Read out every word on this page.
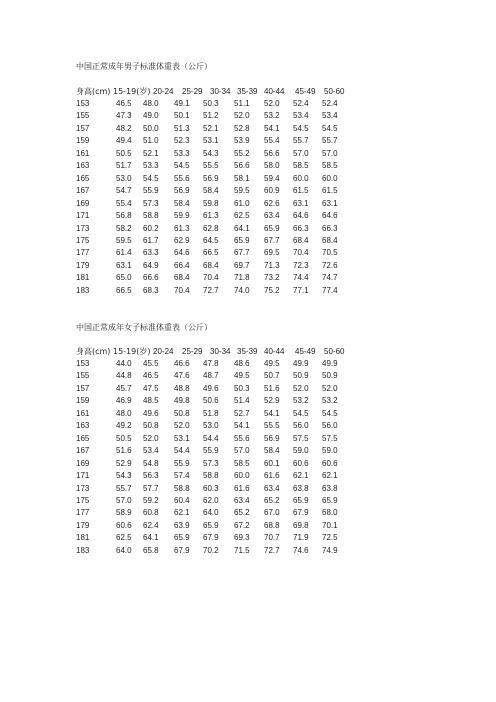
中国正常成年男子标准体重表（公斤）
身高(cm) 15-19(岁) 20-24 25-29 30-34 35-39 40-44 45-49 50-60
153	46.5 48.0 49.1 50.3 51.1 52.0 52.4 52.4
155	47.3 49.0 50.1 51.2 52.0 53.2 53.4 53.4
157	48.2 50.0 51.3 52.1 52.8 54.1 54.5 54.5
159	49.4 51.0 52.3 53.1 53.9 55.4 55.7 55.7
161	50.5 52.1 53.3 54.3 55.2 56.6 57.0 57.0
163	51.7 53.3 54.5 55.5 56.6 58.0 58.5 58.5
165	53.0 54.5 55.6 56.9 58.1 59.4 60.0 60.0
167	54.7 55.9 56.9 58.4 59.5 60.9 61.5 61.5
169	55.4 57.3 58.4 59.8 61.0 62.6 63.1 63.1
171	56.8 58.8 59.9 61.3 62.5 63.4 64.6 64.6
173	58.2 60.2 61.3 62.8 64.1 65.9 66.3 66.3
175	59.5 61.7 62.9 64.5 65.9 67.7 68.4 68.4
177	61.4 63.3 64.6 66.5 67.7 69.5 70.4 70.5
179	63.1 64.9 66.4 68.4 69.7 71.3 72.3 72.6
181	65.0 66.6 68.4 70.4 71.8 73.2 74.4 74.7
183	66.5 68.3 70.4 72.7 74.0 75.2 77.1 77.4
中国正常成年女子标准体重表（公斤）
身高(cm) 15-19(岁) 20-24 25-29 30-34 35-39 40-44 45-49 50-60
153	44.0 45.5 46.6 47.8 48.6 49.5 49.9 49.9
155	44.8 46.5 47.6 48.7 49.5 50.7 50.9 50.9
157	45.7 47.5 48.8 49.6 50.3 51.6 52.0 52.0
159	46.9 48.5 49.8 50.6 51.4 52.9 53.2 53.2
161	48.0 49.6 50.8 51.8 52.7 54.1 54.5 54.5
163	49.2 50.8 52.0 53.0 54.1 55.5 56.0 56.0
165	50.5 52.0 53.1 54.4 55.6 56.9 57.5 57.5
167	51.6 53.4 54.4 55.9 57.0 58.4 59.0 59.0
169	52.9 54.8 55.9 57.3 58.5 60.1 60.6 60.6
171	54.3 56.3 57.4 58.8 60.0 61.6 62.1 62.1
173	55.7 57.7 58.8 60.3 61.6 63.4 63.8 63.8
175	57.0 59.2 60.4 62.0 63.4 65.2 65.9 65.9
177	58.9 60.8 62.1 64.0 65.2 67.0 67.9 68.0
179	60.6 62.4 63.9 65.9 67.2 68.8 69.8 70.1
181	62.5 64.1 65.9 67.9 69.3 70.7 71.9 72.5
183	64.0 65.8 67.9 70.2 71.5 72.7 74.6 74.9
